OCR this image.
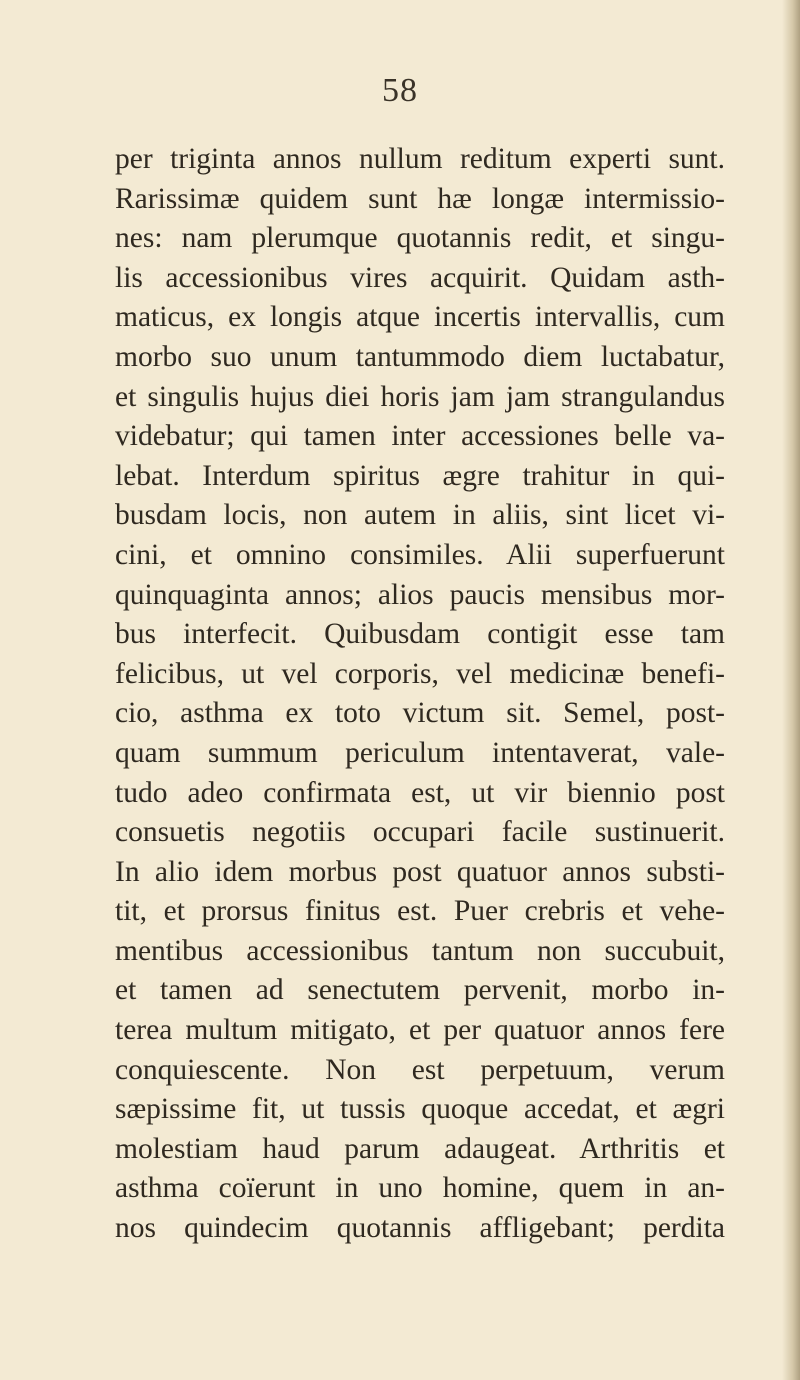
58
per triginta annos nullum reditum experti sunt.
Rarissimæ quidem sunt hæ longæ intermissio-
nes: nam plerumque quotannis redit, et singu-
lis accessionibus vires acquirit. Quidam asth-
maticus, ex longis atque incertis intervallis, cum
morbo suo unum tantummodo diem luctabatur,
et singulis hujus diei horis jam jam strangulandus
videbatur; qui tamen inter accessiones belle va-
lebat. Interdum spiritus ægre trahitur in qui-
busdam locis, non autem in aliis, sint licet vi-
cini, et omnino consimiles. Alii superfuerunt
quinquaginta annos; alios paucis mensibus mor-
bus interfecit. Quibusdam contigit esse tam
felicibus, ut vel corporis, vel medicinæ benefi-
cio, asthma ex toto victum sit. Semel, post-
quam summum periculum intentaverat, vale-
tudo adeo confirmata est, ut vir biennio post
consuetis negotiis occupari facile sustinuerit.
In alio idem morbus post quatuor annos substi-
tit, et prorsus finitus est. Puer crebris et vehe-
mentibus accessionibus tantum non succubuit,
et tamen ad senectutem pervenit, morbo in-
terea multum mitigato, et per quatuor annos fere
conquiescente. Non est perpetuum, verum
sæpissime fit, ut tussis quoque accedat, et ægri
molestiam haud parum adaugeat. Arthritis et
asthma coïerunt in uno homine, quem in an-
nos quindecim quotannis affligebant; perdita
